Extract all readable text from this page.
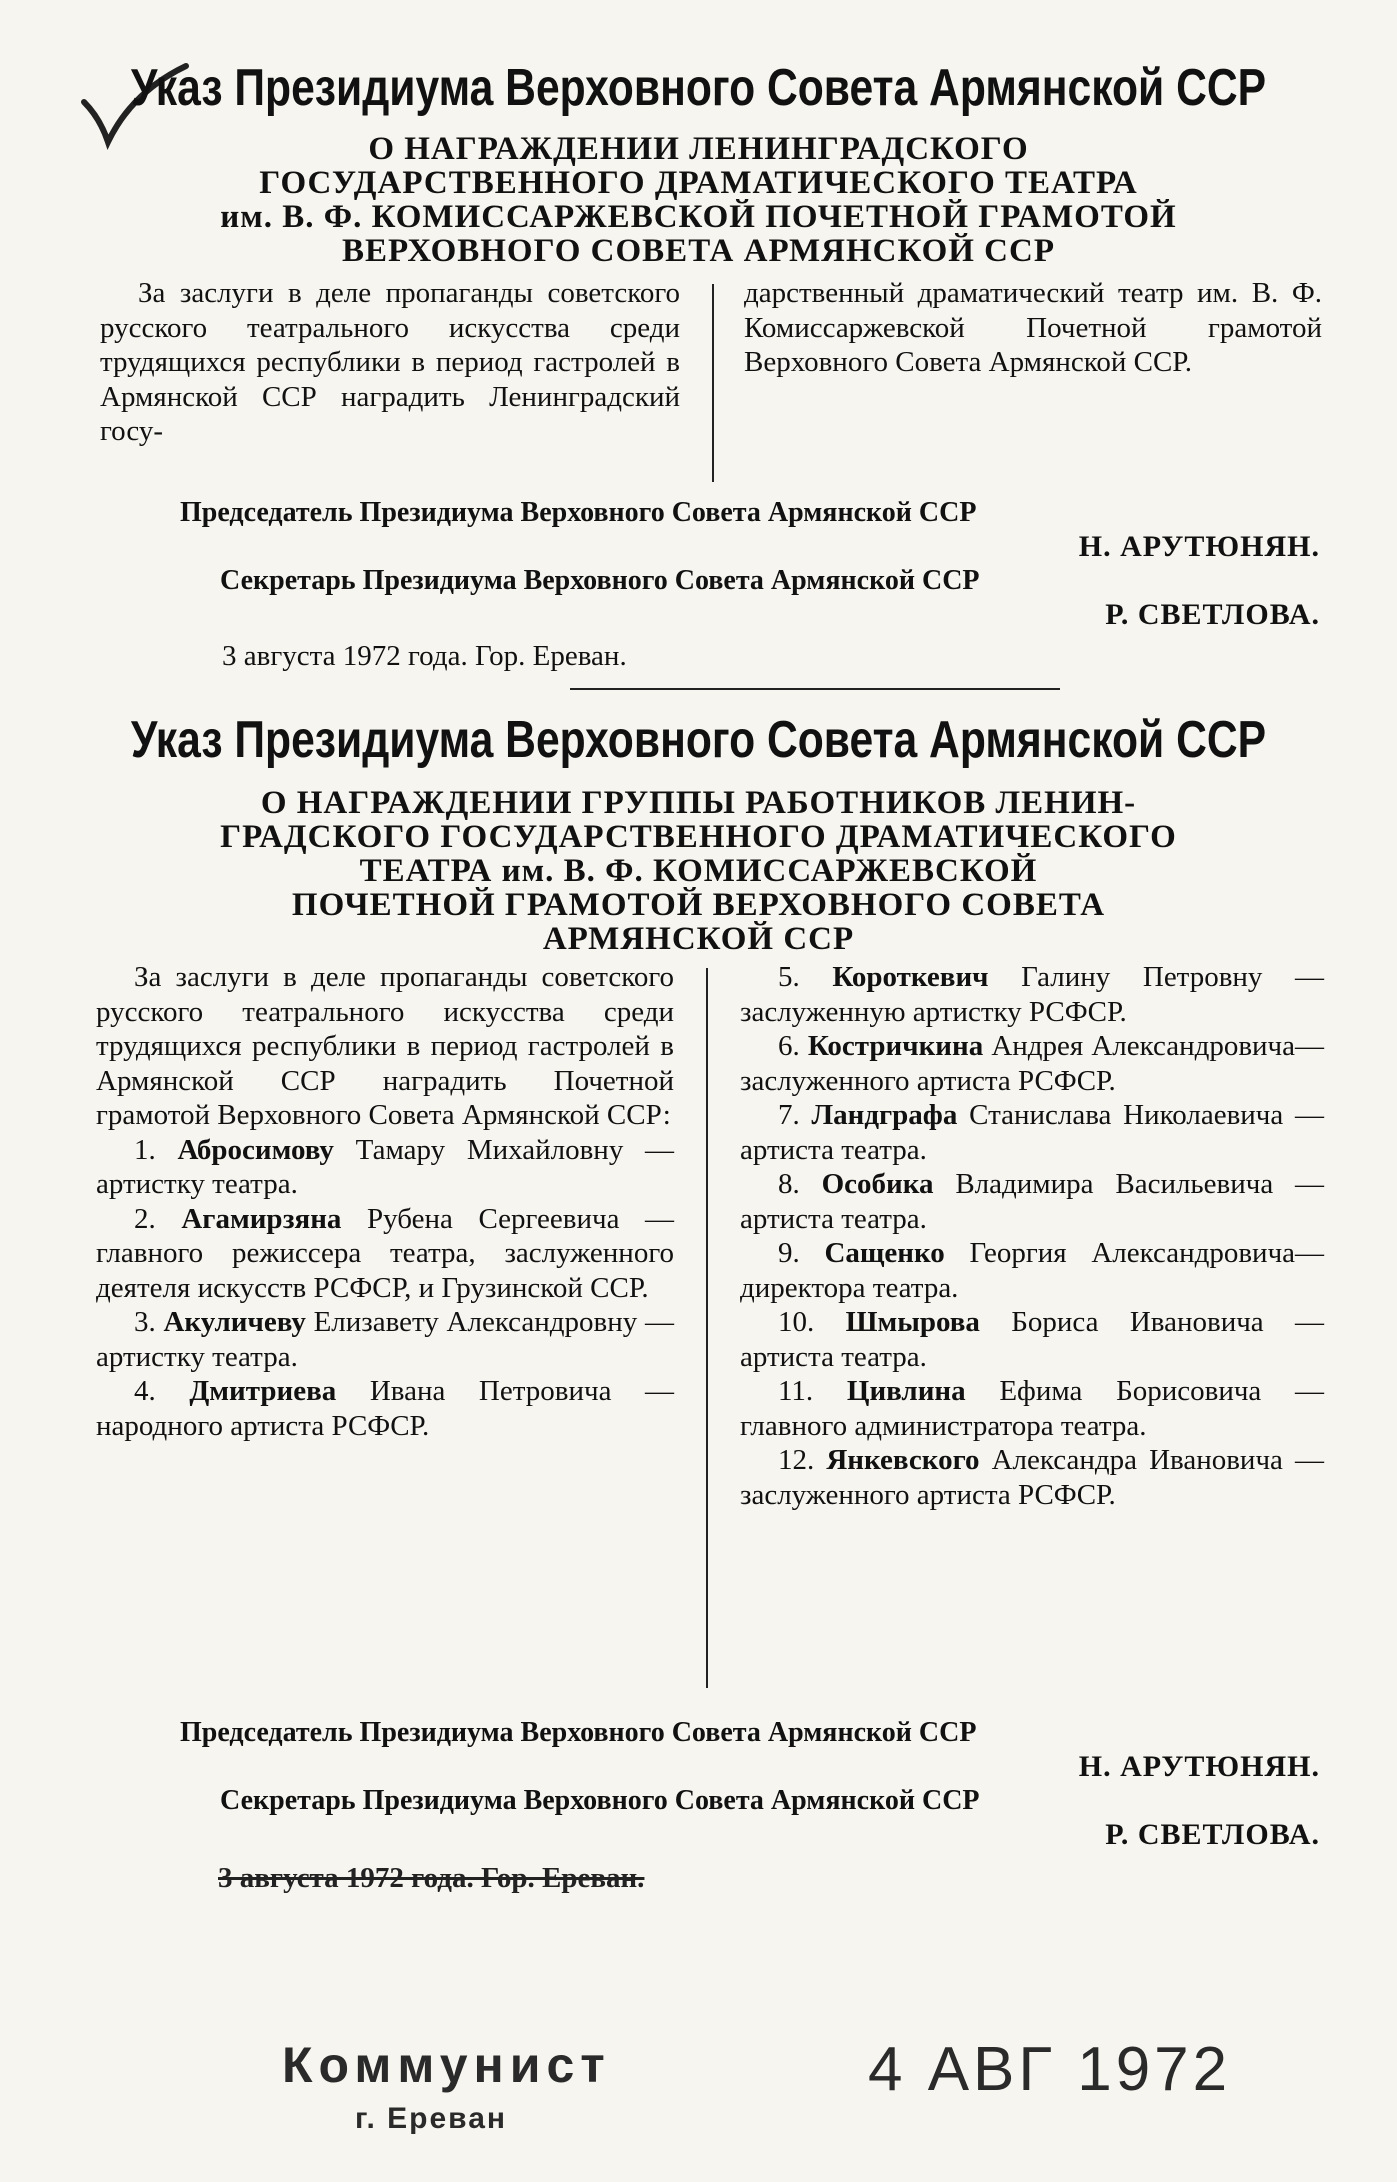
Указ Президиума Верховного Совета Армянской ССР
О НАГРАЖДЕНИИ ЛЕНИНГРАДСКОГО
ГОСУДАРСТВЕННОГО ДРАМАТИЧЕСКОГО ТЕАТРА
им. В. Ф. КОМИССАРЖЕВСКОЙ ПОЧЕТНОЙ ГРАМОТОЙ
ВЕРХОВНОГО СОВЕТА АРМЯНСКОЙ ССР
За заслуги в деле пропаганды советского русского театрального искусства среди трудящихся республики в период гастролей в Армянской ССР наградить Ленинградский госу-
дарственный драматический театр им. В. Ф. Комиссаржевской Почетной грамотой Верховного Совета Армянской ССР.
Председатель Президиума Верховного Совета Армянской ССР
Н. АРУТЮНЯН.
Секретарь Президиума Верховного Совета Армянской ССР
Р. СВЕТЛОВА.
3 августа 1972 года. Гор. Ереван.
Указ Президиума Верховного Совета Армянской ССР
О НАГРАЖДЕНИИ ГРУППЫ РАБОТНИКОВ ЛЕНИН-
ГРАДСКОГО ГОСУДАРСТВЕННОГО ДРАМАТИЧЕСКОГО
ТЕАТРА им. В. Ф. КОМИССАРЖЕВСКОЙ
ПОЧЕТНОЙ ГРАМОТОЙ ВЕРХОВНОГО СОВЕТА
АРМЯНСКОЙ ССР

За заслуги в деле пропаганды советского русского театрального искусства среди трудящихся республики в период гастролей в Армянской ССР наградить Почетной грамотой Верховного Совета Армянской ССР:

1. Абросимову Тамару Михайловну — артистку театра.

2. Агамирзяна Рубена Сергеевича — главного режиссера театра, заслуженного деятеля искусств РСФСР, и Грузинской ССР.

3. Акуличеву Елизавету Александровну — артистку театра.

4. Дмитриева Ивана Петровича — народного артиста РСФСР.

5. Короткевич Галину Петровну — заслуженную артистку РСФСР.

6. Костричкина Андрея Александровича—заслуженного артиста РСФСР.

7. Ландграфа Станислава Николаевича — артиста театра.

8. Особика Владимира Васильевича — артиста театра.

9. Сащенко Георгия Александровича—директора театра.

10. Шмырова Бориса Ивановича — артиста театра.

11. Цивлина Ефима Борисовича — главного администратора театра.

12. Янкевского Александра Ивановича — заслуженного артиста РСФСР.

Председатель Президиума Верховного Совета Армянской ССР
Н. АРУТЮНЯН.
Секретарь Президиума Верховного Совета Армянской ССР
Р. СВЕТЛОВА.
3 августа 1972 года. Гор. Ереван.
Коммунист
г. Ереван
4 АВГ 1972
